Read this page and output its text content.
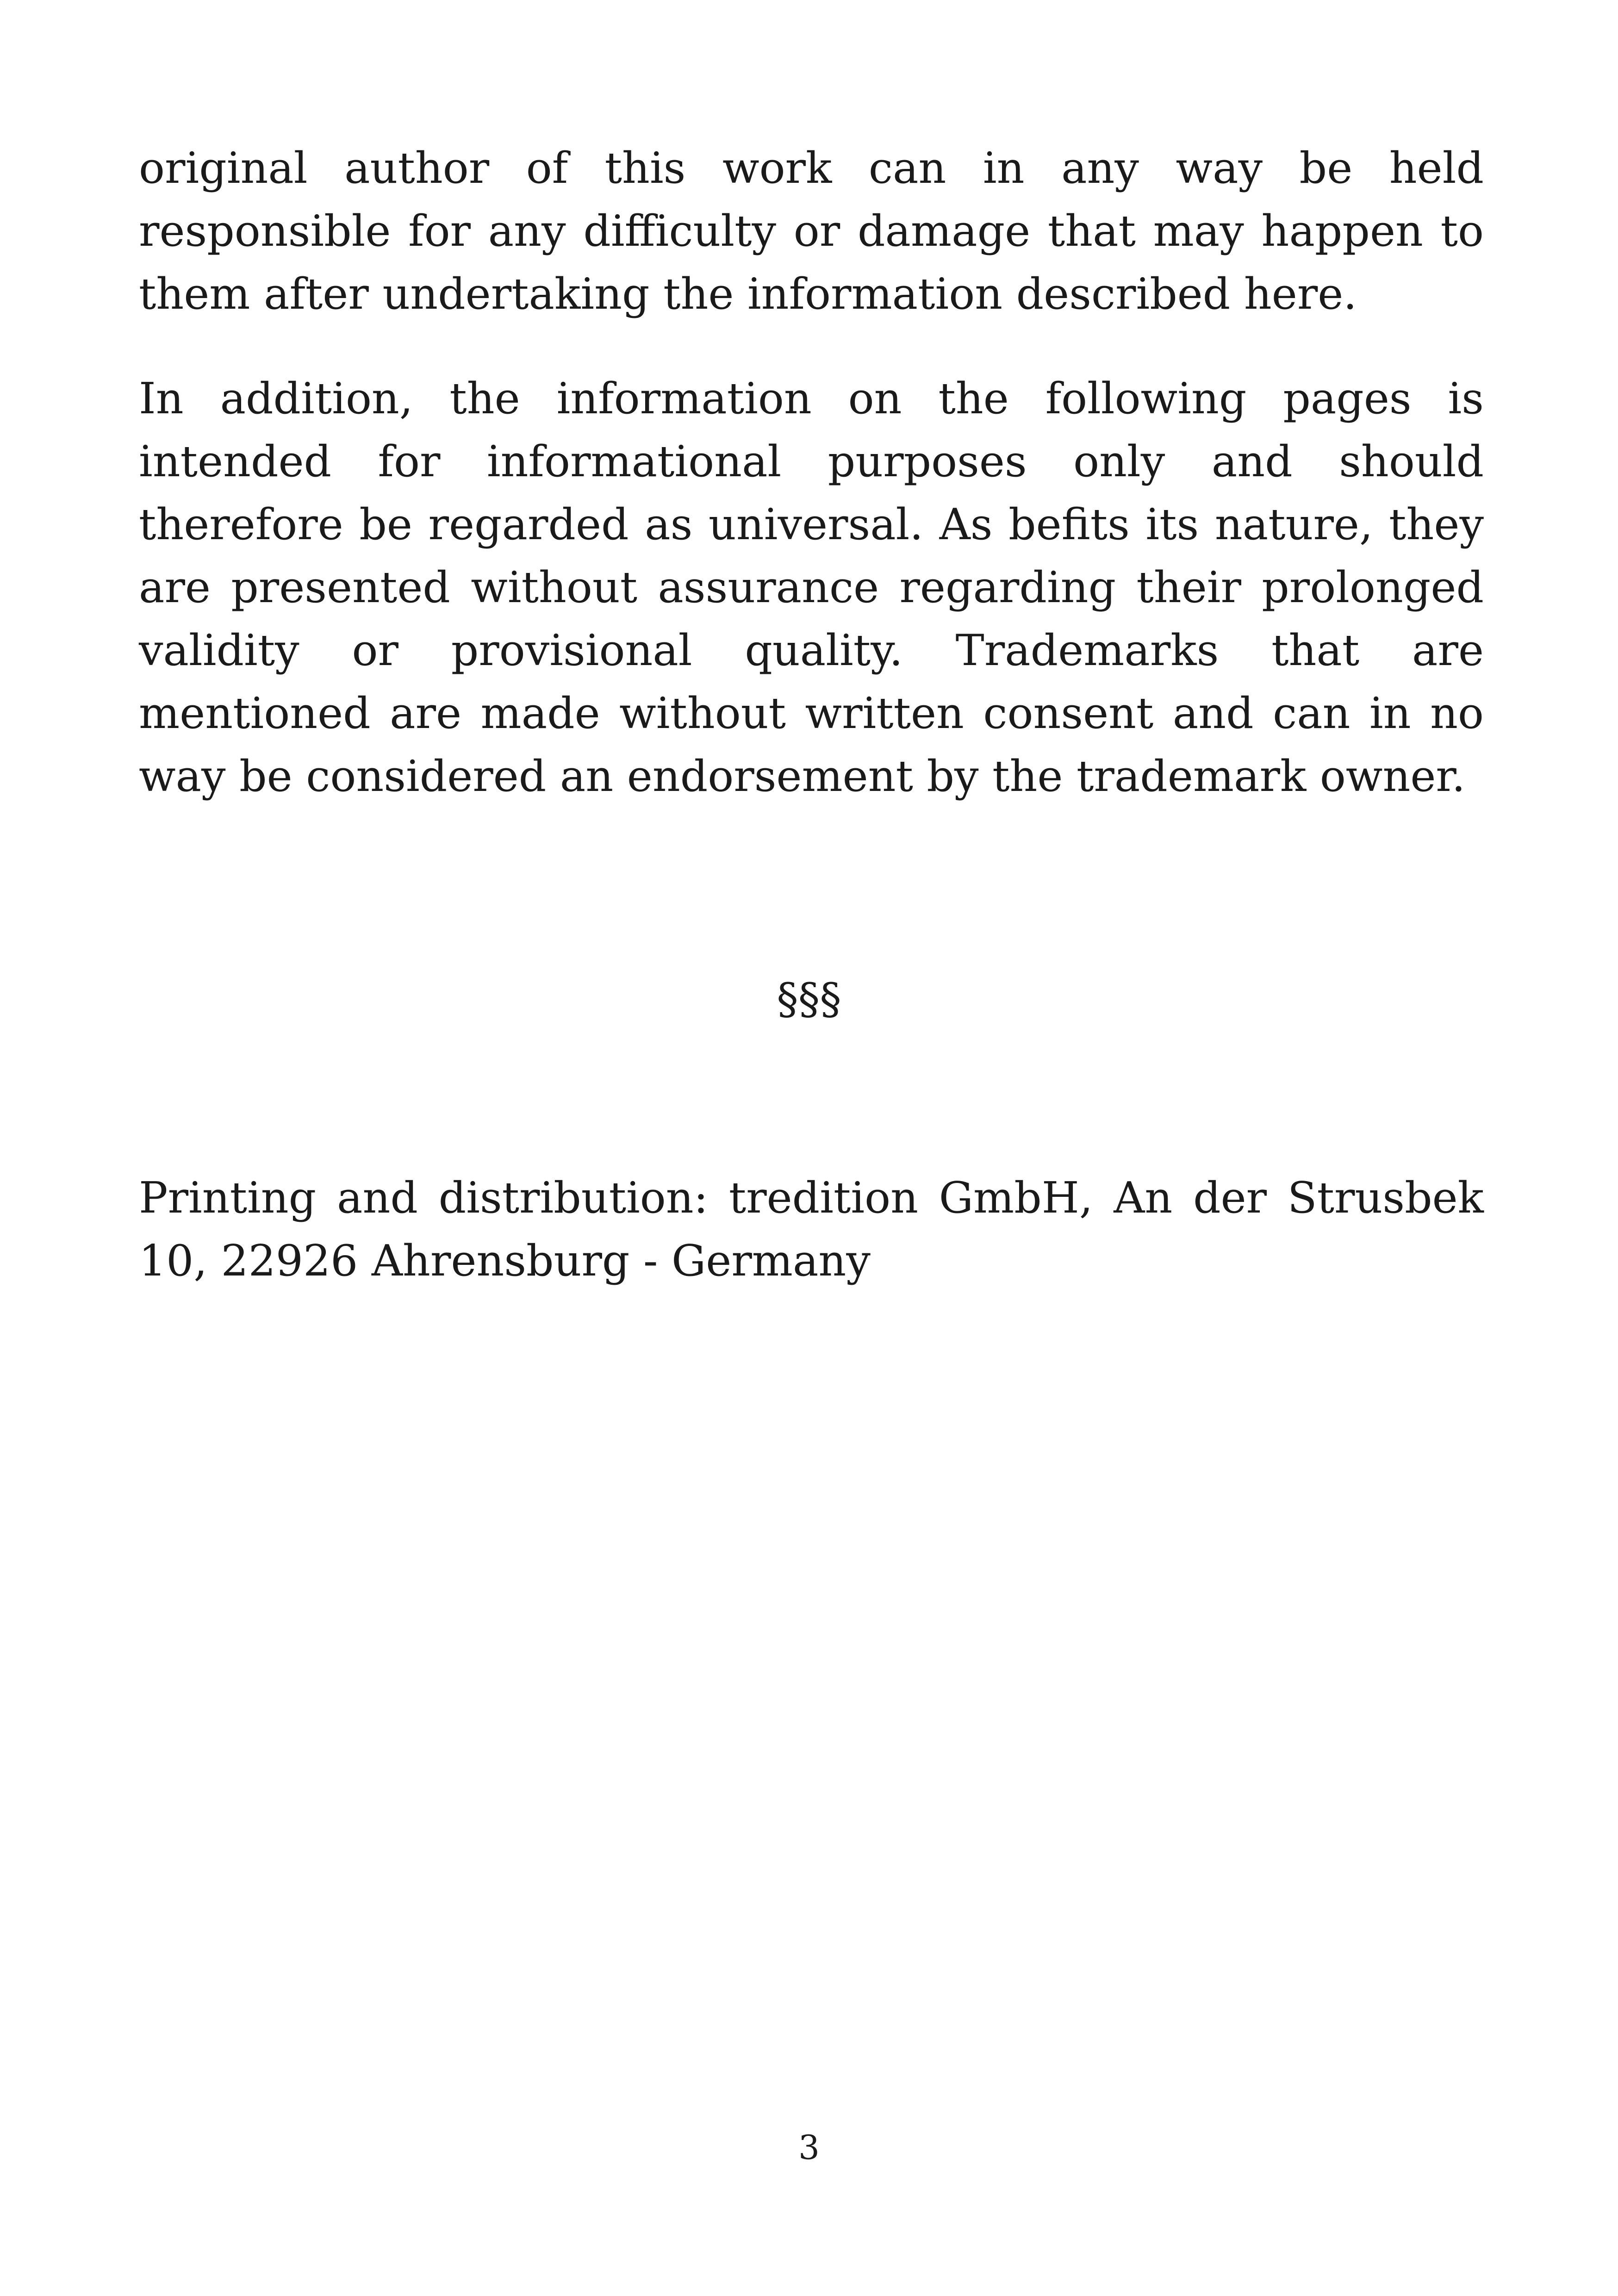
original author of this work can in any way be held responsible for any difficulty or damage that may happen to them after undertaking the information described here.

In addition, the information on the following pages is intended for informational purposes only and should therefore be regarded as universal. As befits its nature, they are presented without assurance regarding their prolonged validity or provisional quality. Trademarks that are mentioned are made without written consent and can in no way be considered an endorsement by the trademark owner.

§§§

Printing and distribution: tredition GmbH, An der Strusbek 10, 22926 Ahrensburg - Germany

3
